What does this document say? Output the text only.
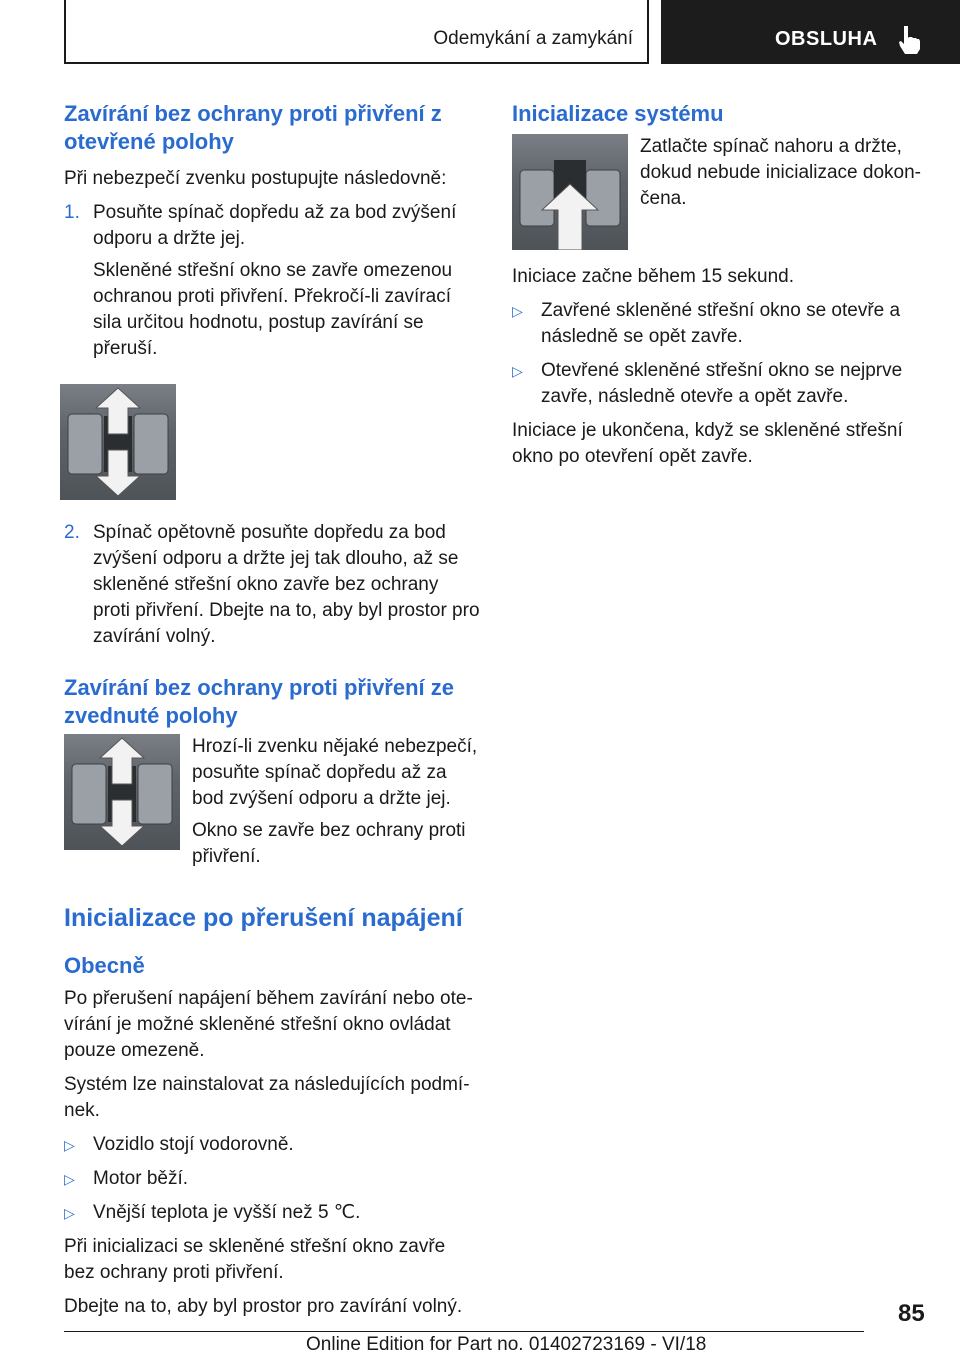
Odemykání a zamykání	OBSLUHA
Zavírání bez ochrany proti přivření z otevřené polohy

Při nebezpečí zvenku postupujte následovně:

1. Posuňte spínač dopředu až za bod zvýšení odporu a držte jej.

Skleněné střešní okno se zavře omezenou ochranou proti přivření. Překročí-li zavírací sila určitou hodnotu, postup zavírání se přeruší.

2. Spínač opětovně posuňte dopředu za bod zvýšení odporu a držte jej tak dlouho, až se skleněné střešní okno zavře bez ochrany proti přivření. Dbejte na to, aby byl prostor pro zavírání volný.

Zavírání bez ochrany proti přivření ze zvednuté polohy

Hrozí-li zvenku nějaké nebezpečí, posuňte spínač dopředu až za bod zvýšení odporu a držte jej.

Okno se zavře bez ochrany proti přivření.

Inicializace po přerušení napájení
Obecně

Po přerušení napájení během zavírání nebo otevírání je možné skleněné střešní okno ovládat pouze omezeně.

Systém lze nainstalovat za následujících podmínek.

▷ Vozidlo stojí vodorovně.
▷ Motor běží.
▷ Vnější teplota je vyšší než 5 ℃.

Při inicializaci se skleněné střešní okno zavře bez ochrany proti přivření.

Dbejte na to, aby byl prostor pro zavírání volný.

Inicializace systému

Zatlačte spínač nahoru a držte, dokud nebude inicializace dokončena.

Iniciace začne během 15 sekund.

▷ Zavřené skleněné střešní okno se otevře a následně se opět zavře.
▷ Otevřené skleněné střešní okno se nejprve zavře, následně otevře a opět zavře.

Iniciace je ukončena, když se skleněné střešní okno po otevření opět zavře.

85
Online Edition for Part no. 01402723169 - VI/18
